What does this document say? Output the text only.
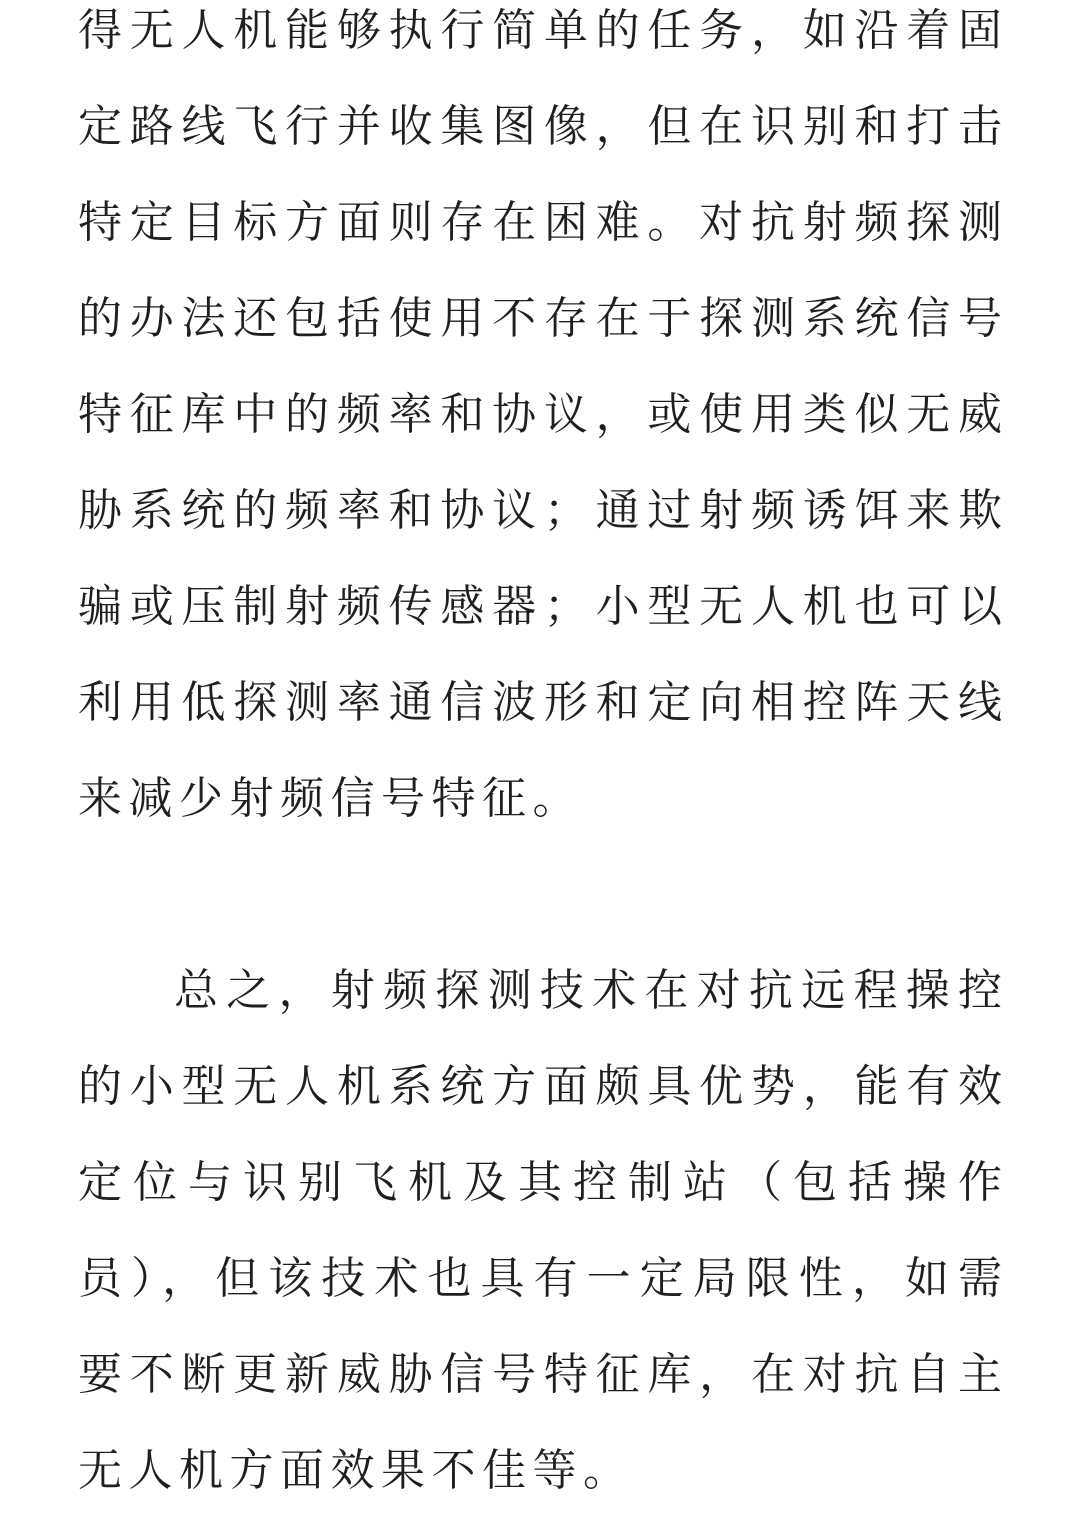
得无人机能够执行简单的任务，如沿着固
定路线飞行并收集图像，但在识别和打击
特定目标方面则存在困难。对抗射频探测
的办法还包括使用不存在于探测系统信号
特征库中的频率和协议，或使用类似无威
胁系统的频率和协议；通过射频诱饵来欺
骗或压制射频传感器；小型无人机也可以
利用低探测率通信波形和定向相控阵天线
来减少射频信号特征。
总之，射频探测技术在对抗远程操控
的小型无人机系统方面颇具优势，能有效
定位与识别飞机及其控制站（包括操作
员），但该技术也具有一定局限性，如需
要不断更新威胁信号特征库，在对抗自主
无人机方面效果不佳等。
